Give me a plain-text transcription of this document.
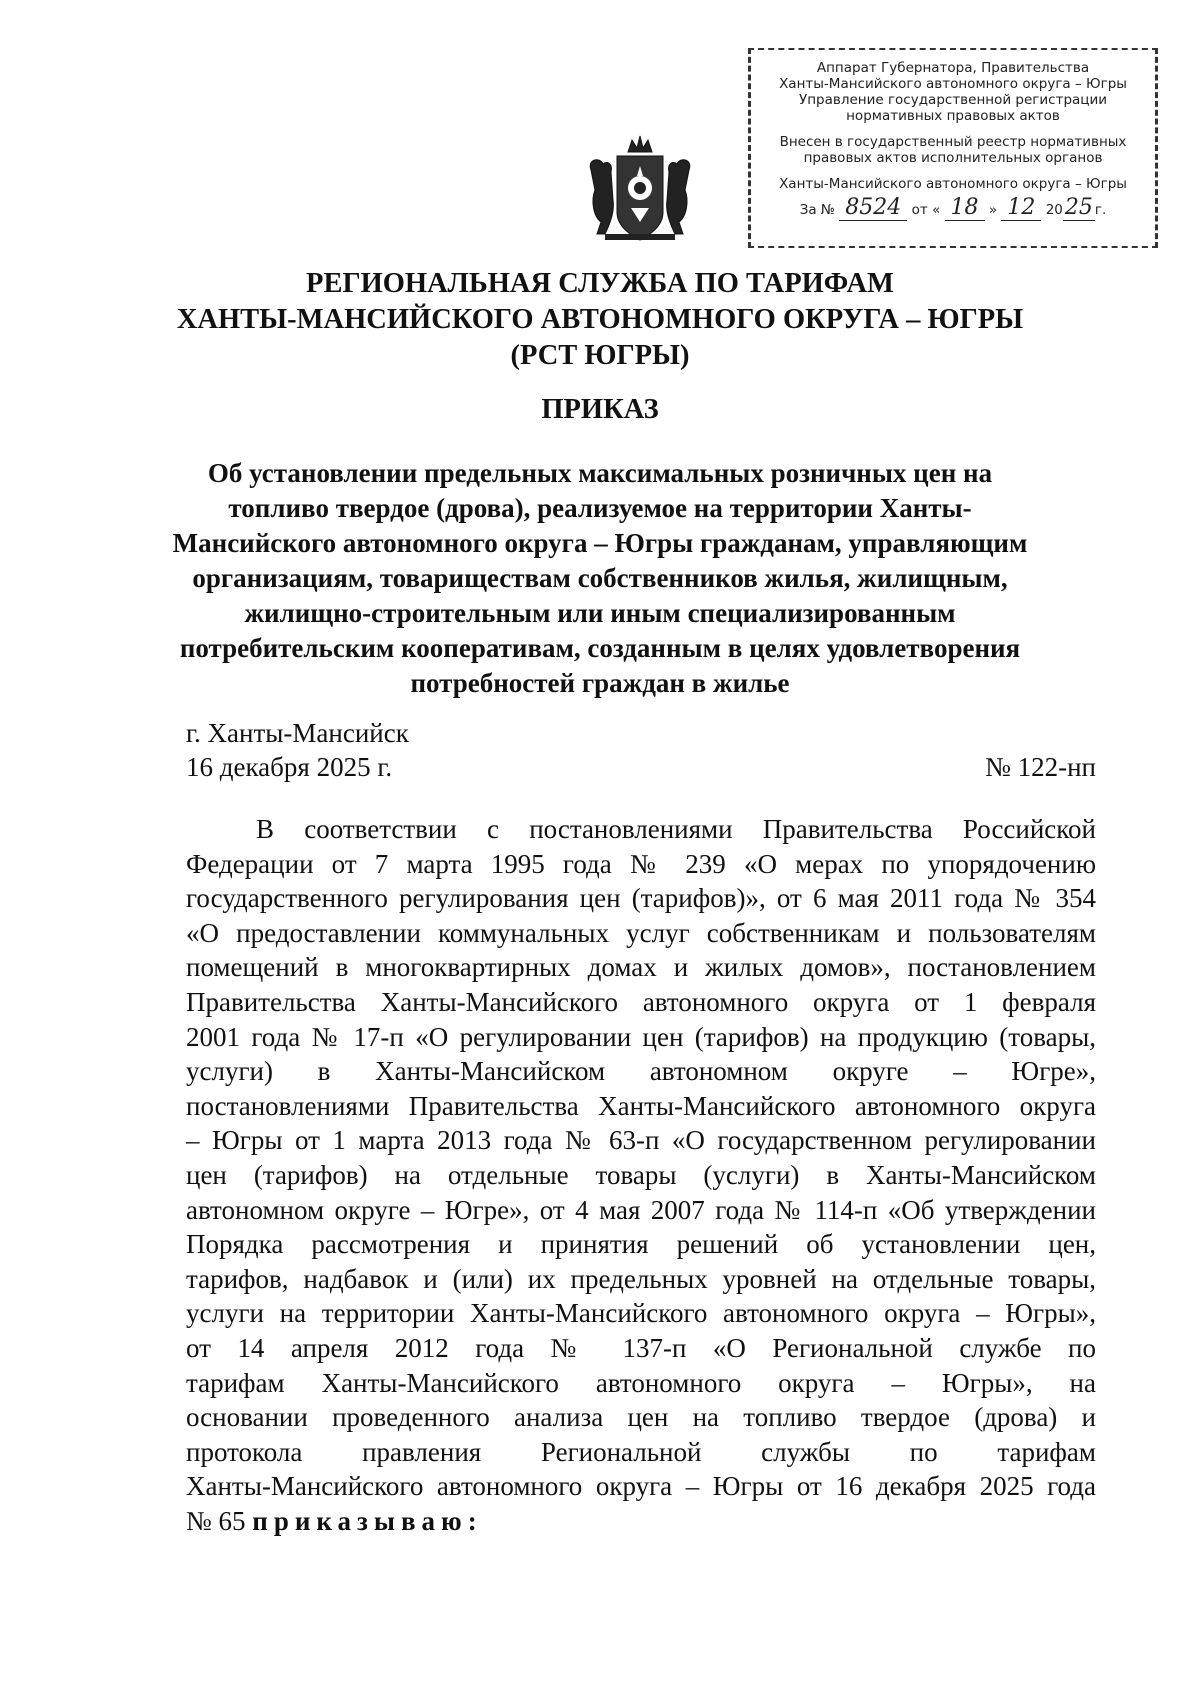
Аппарат Губернатора, Правительства
Ханты-Мансийского автономного округа – Югры
Управление государственной регистрации
нормативных правовых актов
Внесен в государственный реестр нормативных
правовых актов исполнительных органов
Ханты-Мансийского автономного округа – Югры
За № 8524 от « 18 » 12 2025 г.
РЕГИОНАЛЬНАЯ СЛУЖБА ПО ТАРИФАМ
ХАНТЫ-МАНСИЙСКОГО АВТОНОМНОГО ОКРУГА – ЮГРЫ
(РСТ ЮГРЫ)
ПРИКАЗ
Об установлении предельных максимальных розничных цен на
топливо твердое (дрова), реализуемое на территории Ханты-
Мансийского автономного округа – Югры гражданам, управляющим
организациям, товариществам собственников жилья, жилищным,
жилищно-строительным или иным специализированным
потребительским кооперативам, созданным в целях удовлетворения
потребностей граждан в жилье
г. Ханты-Мансийск
16 декабря 2025 г.	№ 122-нп
В соответствии с постановлениями Правительства Российской
Федерации от 7 марта 1995 года № 239 «О мерах по упорядочению
государственного регулирования цен (тарифов)», от 6 мая 2011 года № 354
«О предоставлении коммунальных услуг собственникам и пользователям
помещений в многоквартирных домах и жилых домов», постановлением
Правительства Ханты-Мансийского автономного округа от 1 февраля
2001 года № 17-п «О регулировании цен (тарифов) на продукцию (товары,
услуги) в Ханты-Мансийском автономном округе – Югре»,
постановлениями Правительства Ханты-Мансийского автономного округа
– Югры от 1 марта 2013 года № 63-п «О государственном регулировании
цен (тарифов) на отдельные товары (услуги) в Ханты-Мансийском
автономном округе – Югре», от 4 мая 2007 года № 114-п «Об утверждении
Порядка рассмотрения и принятия решений об установлении цен,
тарифов, надбавок и (или) их предельных уровней на отдельные товары,
услуги на территории Ханты-Мансийского автономного округа – Югры»,
от 14 апреля 2012 года № 137-п «О Региональной службе по
тарифам Ханты-Мансийского автономного округа – Югры», на
основании проведенного анализа цен на топливо твердое (дрова) и
протокола правления Региональной службы по тарифам
Ханты-Мансийского автономного округа – Югры от 16 декабря 2025 года
№ 65 приказываю:
